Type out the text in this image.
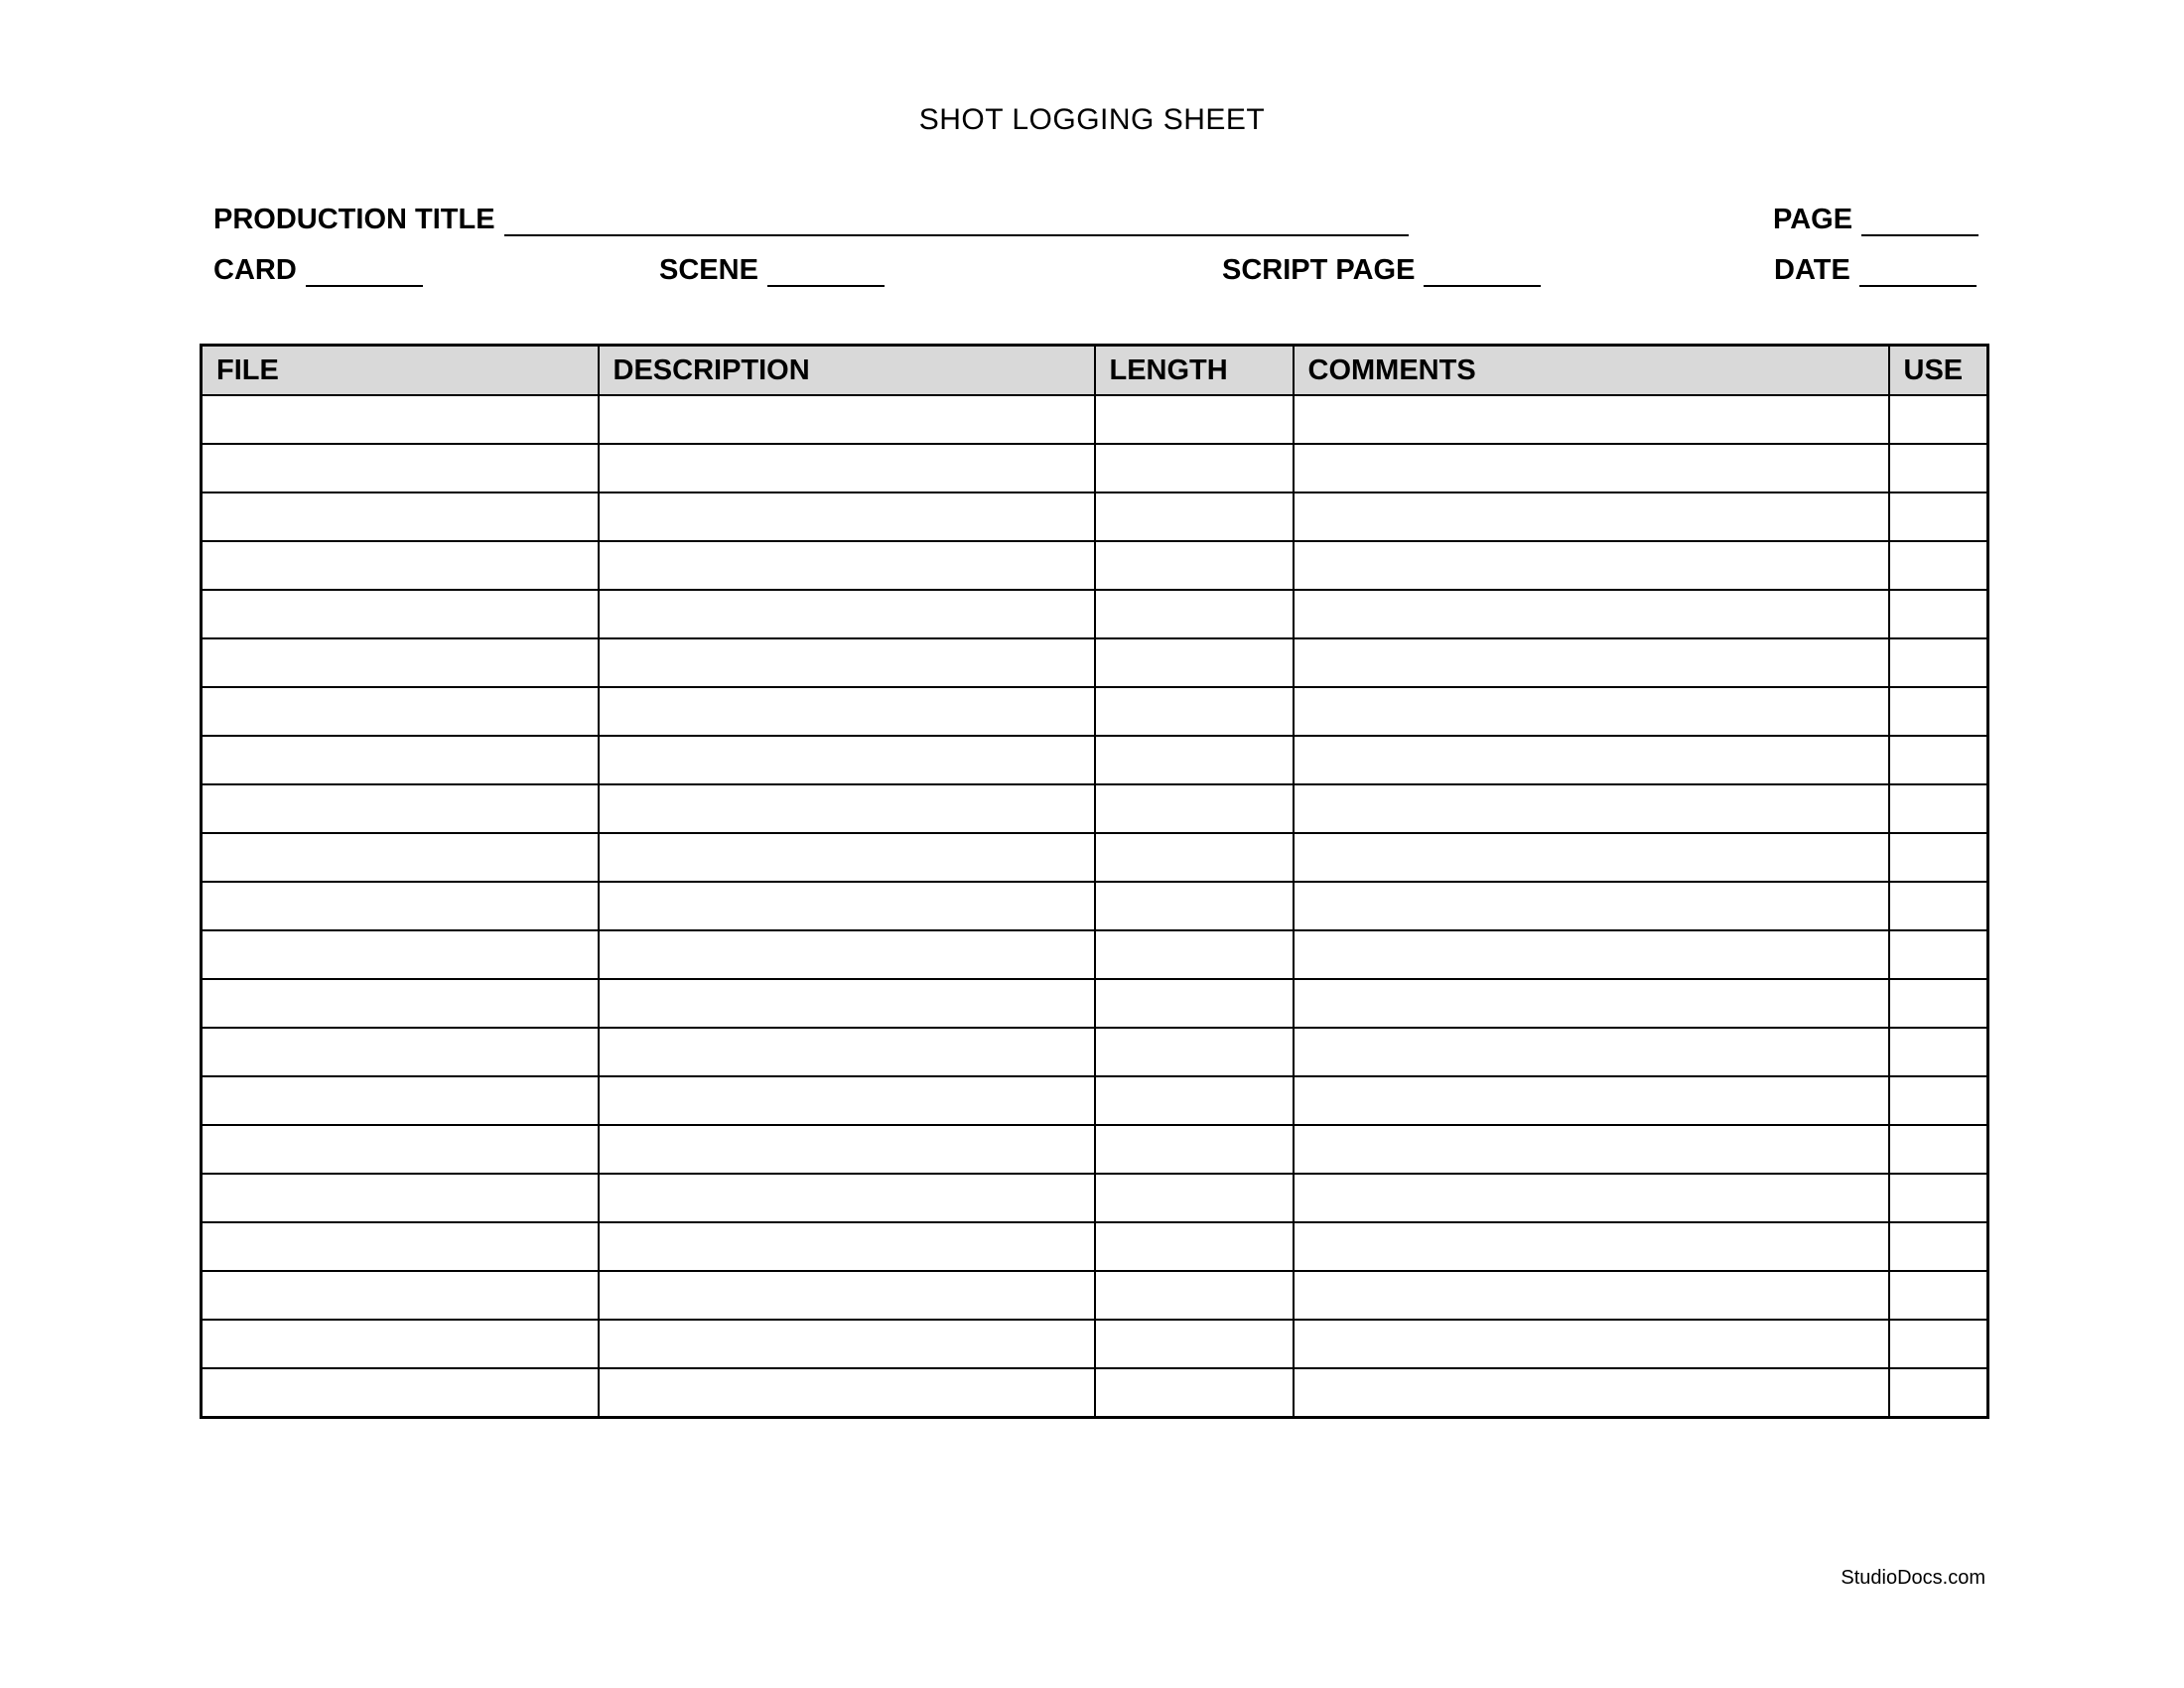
SHOT LOGGING SHEET
PRODUCTION TITLE	PAGE
CARD	SCENE	SCRIPT PAGE	DATE
FILE	DESCRIPTION	LENGTH	COMMENTS	USE

StudioDocs.com
